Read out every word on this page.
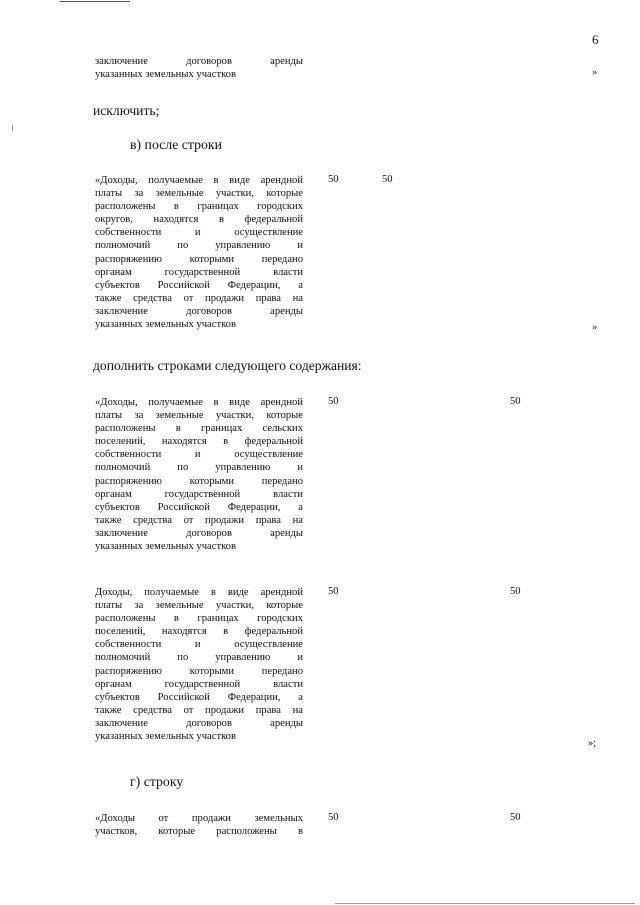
6
заключение договоров аренды
указанных земельных участков	»
исключить;
в) после строки
«Доходы, получаемые в виде арендной
платы за земельные участки, которые
расположены в границах городских
округов, находятся в федеральной
собственности и осуществление
полномочий по управлению и
распоряжению которыми передано
органам государственной власти
субъектов Российской Федерации, а
также средства от продажи права на
заключение договоров аренды
указанных земельных участков
50	50
»
дополнить строками следующего содержания:
«Доходы, получаемые в виде арендной
платы за земельные участки, которые
расположены в границах сельских
поселений, находятся в федеральной
собственности и осуществление
полномочий по управлению и
распоряжению которыми передано
органам государственной власти
субъектов Российской Федерации, а
также средства от продажи права на
заключение договоров аренды
указанных земельных участков
50	50
Доходы, получаемые в виде арендной
платы за земельные участки, которые
расположены в границах городских
поселений, находятся в федеральной
собственности и осуществление
полномочий по управлению и
распоряжению которыми передано
органам государственной власти
субъектов Российской Федерации, а
также средства от продажи права на
заключение договоров аренды
указанных земельных участков
50	50
»;
г) строку
«Доходы от продажи земельных
участков, которые расположены в
50	50
